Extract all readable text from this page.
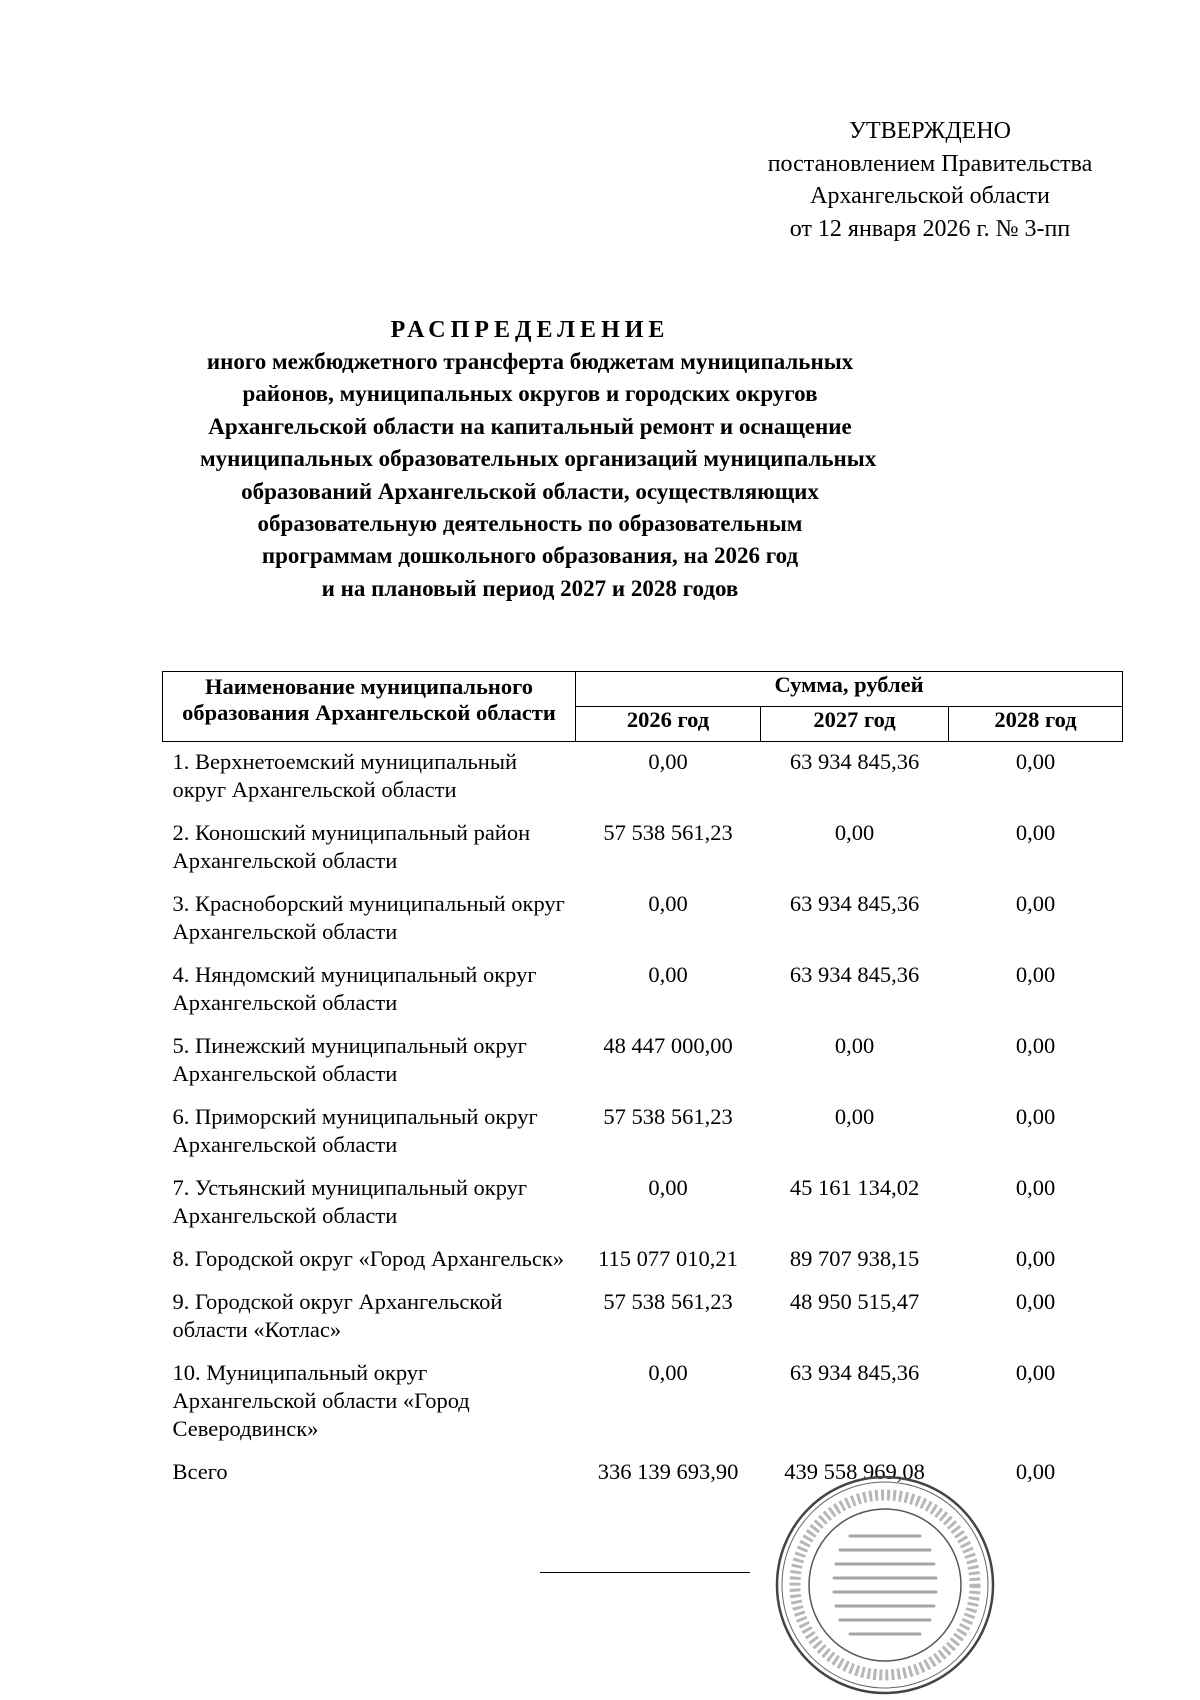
УТВЕРЖДЕНО
постановлением Правительства
Архангельской области
от 12 января 2026 г. № 3-пп
РАСПРЕДЕЛЕНИЕ
иного межбюджетного трансферта бюджетам муниципальных
районов, муниципальных округов и городских округов
Архангельской области на капитальный ремонт и оснащение
муниципальных образовательных организаций муниципальных
образований Архангельской области, осуществляющих
образовательную деятельность по образовательным
программам дошкольного образования, на 2026 год
и на плановый период 2027 и 2028 годов
Наименование муниципального образования Архангельской области	Сумма, рублей		
	2026 год	2027 год	2028 год
1. Верхнетоемский муниципальный округ Архангельской области	0,00	63 934 845,36	0,00
2. Коношский муниципальный район Архангельской области	57 538 561,23	0,00	0,00
3. Красноборский муниципальный округ Архангельской области	0,00	63 934 845,36	0,00
4. Няндомский муниципальный округ Архангельской области	0,00	63 934 845,36	0,00
5. Пинежский муниципальный округ Архангельской области	48 447 000,00	0,00	0,00
6. Приморский муниципальный округ Архангельской области	57 538 561,23	0,00	0,00
7. Устьянский муниципальный округ Архангельской области	0,00	45 161 134,02	0,00
8. Городской округ «Город Архангельск»	115 077 010,21	89 707 938,15	0,00
9. Городской округ Архангельской области «Котлас»	57 538 561,23	48 950 515,47	0,00
10. Муниципальный округ Архангельской области «Город Северодвинск»	0,00	63 934 845,36	0,00
Всего	336 139 693,90	439 558 969,08	0,00
